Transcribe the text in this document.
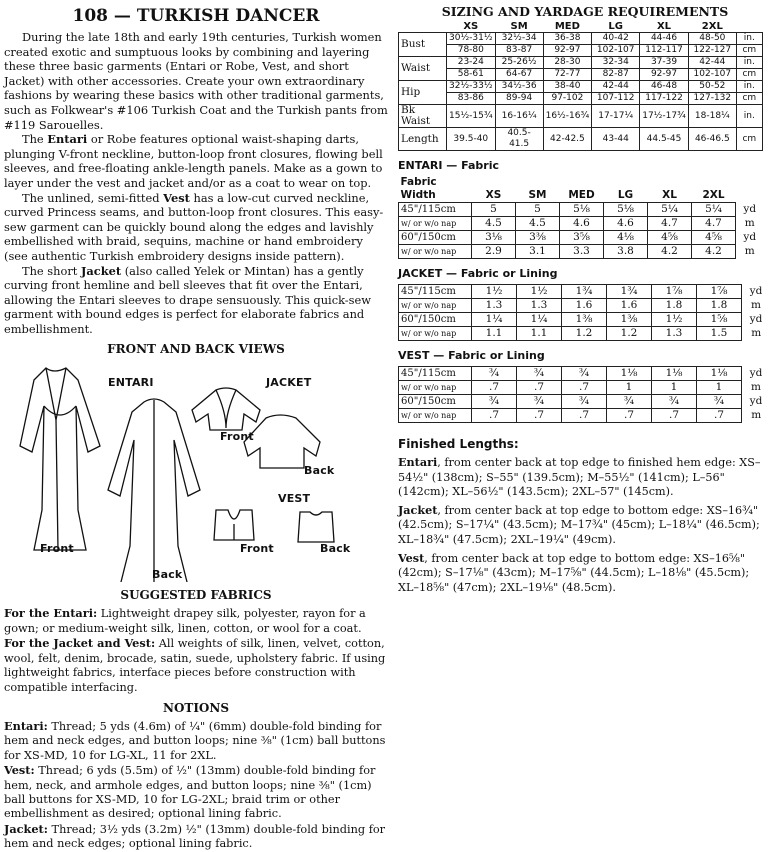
108 — TURKISH DANCER

During the late 18th and early 19th centuries, Turkish women created exotic and sumptuous looks by combining and layering these three basic garments (Entari or Robe, Vest, and short Jacket) with other accessories. Create your own extraordinary fashions by wearing these basics with other traditional garments, such as Folkwear's #106 Turkish Coat and the Turkish pants from #119 Sarouelles.

The Entari or Robe features optional waist-shaping darts, plunging V-front neckline, button-loop front closures, flowing bell sleeves, and free-floating ankle-length panels. Make as a gown to layer under the vest and jacket and/or as a coat to wear on top.

The unlined, semi-fitted Vest has a low-cut curved neckline, curved Princess seams, and button-loop front closures. This easy-sew garment can be quickly bound along the edges and lavishly embellished with braid, sequins, machine or hand embroidery (see authentic Turkish embroidery designs inside pattern).

The short Jacket (also called Yelek or Mintan) has a gently curving front hemline and bell sleeves that fit over the Entari, allowing the Entari sleeves to drape sensuously. This quick-sew garment with bound edges is perfect for elaborate fabrics and embellishment.

FRONT AND BACK VIEWS
ENTARI	JACKET
Front
Back
VEST
Front	Back
Front
Back
SUGGESTED FABRICS

For the Entari: Lightweight drapey silk, polyester, rayon for a gown; or medium-weight silk, linen, cotton, or wool for a coat.

For the Jacket and Vest: All weights of silk, linen, velvet, cotton, wool, felt, denim, brocade, satin, suede, upholstery fabric. If using lightweight fabrics, interface pieces before construction with compatible interfacing.

NOTIONS

Entari: Thread; 5 yds (4.6m) of ¼" (6mm) double-fold binding for hem and neck edges, and button loops; nine ⅜" (1cm) ball buttons for XS-MD, 10 for LG-XL, 11 for 2XL.

Vest: Thread; 6 yds (5.5m) of ½" (13mm) double-fold binding for hem, neck, and armhole edges, and button loops; nine ⅜" (1cm) ball buttons for XS-MD, 10 for LG-2XL; braid trim or other embellishment as desired; optional lining fabric.

Jacket: Thread; 3½ yds (3.2m) ½" (13mm) double-fold binding for hem and neck edges; optional lining fabric.

SIZING AND YARDAGE REQUIREMENTS
	XS	SM	MED	LG	XL	2XL	
Bust	30½-31½	32½-34	36-38	40-42	44-46	48-50	in.
	78-80	83-87	92-97	102-107	112-117	122-127	cm
Waist	23-24	25-26½	28-30	32-34	37-39	42-44	in.
	58-61	64-67	72-77	82-87	92-97	102-107	cm
Hip	32½-33½	34½-36	38-40	42-44	46-48	50-52	in.
	83-86	89-94	97-102	107-112	117-122	127-132	cm
Bk Waist	15½-15¾	16-16¼	16½-16¾	17-17¼	17½-17¾	18-18¼	in.
Length	39.5-40	40.5-41.5	42-42.5	43-44	44.5-45	46-46.5	cm
ENTARI — Fabric
Fabric							
Width	XS	SM	MED	LG	XL	2XL	
45"/115cm	5	5	5⅛	5⅛	5¼	5¼	yd
w/ or w/o nap	4.5	4.5	4.6	4.6	4.7	4.7	m
60"/150cm	3⅛	3⅜	3⅝	4⅛	4⅝	4⅝	yd
w/ or w/o nap	2.9	3.1	3.3	3.8	4.2	4.2	m
JACKET — Fabric or Lining
45"/115cm	1½	1½	1¾	1¾	1⅞	1⅞	yd
w/ or w/o nap	1.3	1.3	1.6	1.6	1.8	1.8	m
60"/150cm	1¼	1¼	1⅜	1⅜	1½	1⅝	yd
w/ or w/o nap	1.1	1.1	1.2	1.2	1.3	1.5	m
VEST — Fabric or Lining
45"/115cm	¾	¾	¾	1⅛	1⅛	1⅛	yd
w/ or w/o nap	.7	.7	.7	1	1	1	m
60"/150cm	¾	¾	¾	¾	¾	¾	yd
w/ or w/o nap	.7	.7	.7	.7	.7	.7	m
Finished Lengths:

Entari, from center back at top edge to finished hem edge: XS–54½" (138cm); S–55" (139.5cm); M–55½" (141cm); L–56" (142cm); XL–56½" (143.5cm); 2XL–57" (145cm).

Jacket, from center back at top edge to bottom edge: XS–16¾" (42.5cm); S–17¼" (43.5cm); M–17¾" (45cm); L–18¼" (46.5cm); XL–18¾" (47.5cm); 2XL–19¼" (49cm).

Vest, from center back at top edge to bottom edge: XS–16⅝" (42cm); S–17⅛" (43cm); M–17⅝" (44.5cm); L–18⅛" (45.5cm); XL–18⅝" (47cm); 2XL–19⅛" (48.5cm).
